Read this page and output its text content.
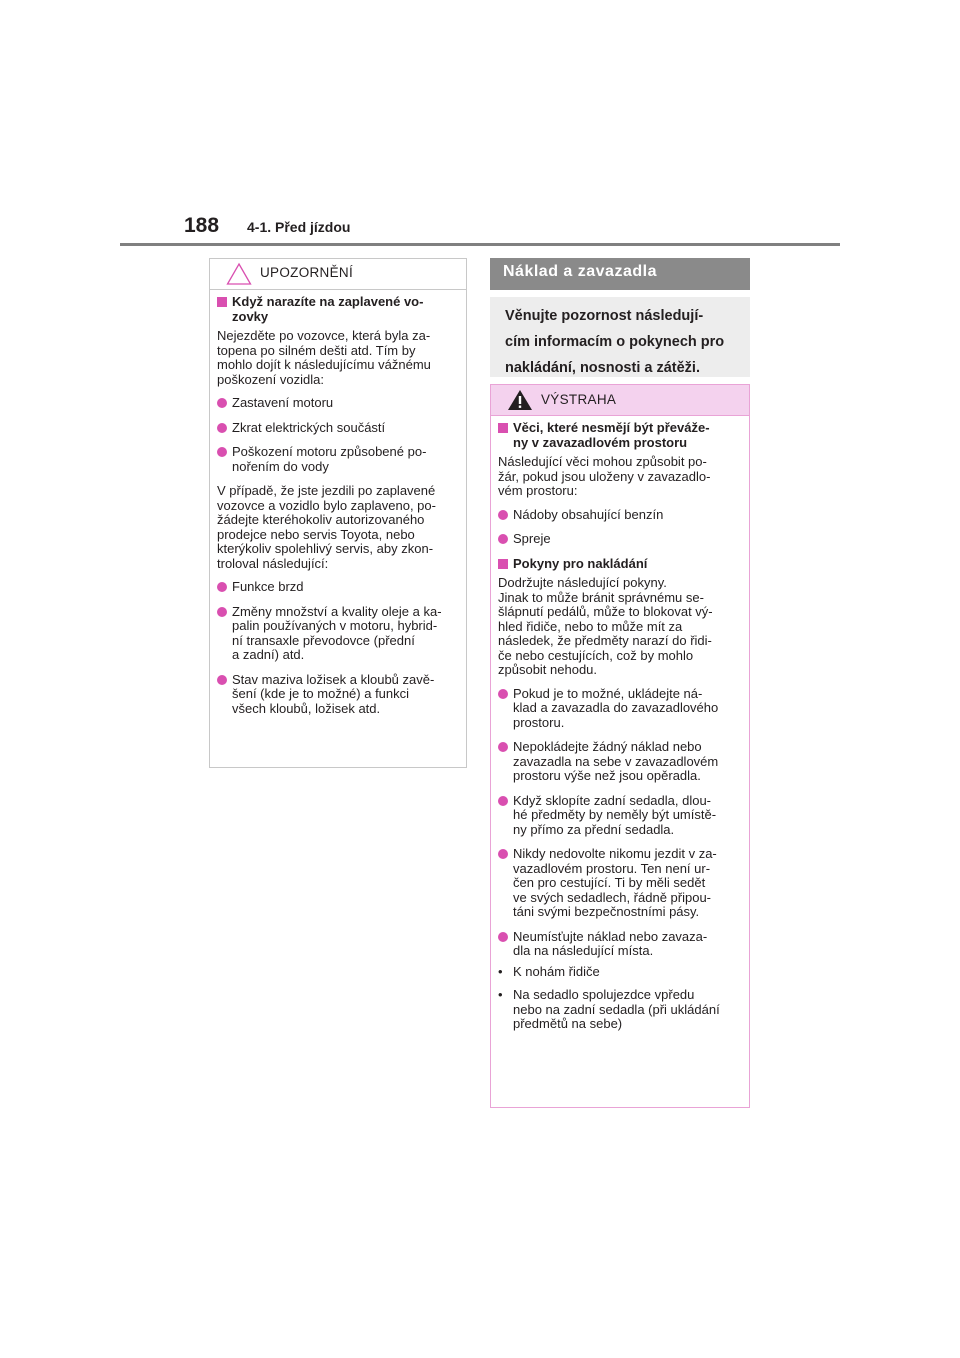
188 4-1. Před jízdou
UPOZORNĚNÍ
Když narazíte na zaplavené vo-
zovky

Nejezděte po vozovce, která byla za-
topena po silném dešti atd. Tím by
mohlo dojít k následujícímu vážnému
poškození vozidla:

Zastavení motoru
Zkrat elektrických součástí
Poškození motoru způsobené po-
nořením do vody

V případě, že jste jezdili po zaplavené
vozovce a vozidlo bylo zaplaveno, po-
žádejte kteréhokoliv autorizovaného
prodejce nebo servis Toyota, nebo
kterýkoliv spolehlivý servis, aby zkon-
troloval následující:

Funkce brzd
Změny množství a kvality oleje a ka-
palin používaných v motoru, hybrid-
ní transaxle převodovce (přední
a zadní) atd.
Stav maziva ložisek a kloubů zavě-
šení (kde je to možné) a funkci
všech kloubů, ložisek atd.
Náklad a zavazadla
Věnujte pozornost následují-
cím informacím o pokynech pro
nakládání, nosnosti a zátěži.
VÝSTRAHA
Věci, které nesmějí být převáže-
ny v zavazadlovém prostoru

Následující věci mohou způsobit po-
žár, pokud jsou uloženy v zavazadlo-
vém prostoru:

Nádoby obsahující benzín
Spreje
Pokyny pro nakládání

Dodržujte následující pokyny.
Jinak to může bránit správnému se-
šlápnutí pedálů, může to blokovat vý-
hled řidiče, nebo to může mít za
následek, že předměty narazí do řidi-
če nebo cestujících, což by mohlo
způsobit nehodu.

Pokud je to možné, ukládejte ná-
klad a zavazadla do zavazadlového
prostoru.
Nepokládejte žádný náklad nebo
zavazadla na sebe v zavazadlovém
prostoru výše než jsou opěradla.
Když sklopíte zadní sedadla, dlou-
hé předměty by neměly být umístě-
ny přímo za přední sedadla.
Nikdy nedovolte nikomu jezdit v za-
vazadlovém prostoru. Ten není ur-
čen pro cestující. Ti by měli sedět
ve svých sedadlech, řádně připou-
táni svými bezpečnostními pásy.
Neumísťujte náklad nebo zavaza-
dla na následující místa.
• K nohám řidiče
• Na sedadlo spolujezdce vpředu
nebo na zadní sedadla (při ukládání
předmětů na sebe)
